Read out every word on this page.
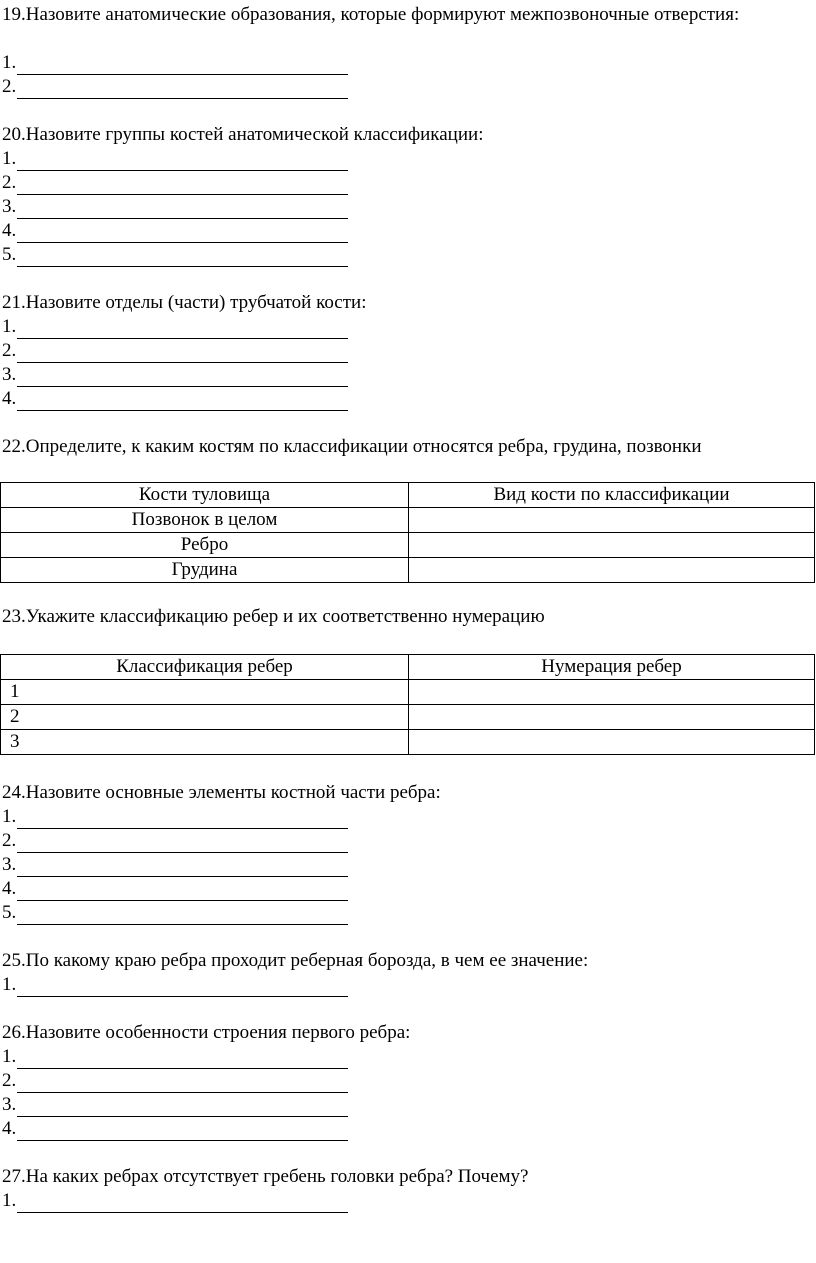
19.Назовите анатомические образования, которые формируют межпозвоночные отверстия:
1.
2.
20.Назовите группы костей анатомической классификации:
1.
2.
3.
4.
5.
21.Назовите отделы (части) трубчатой кости:
1.
2.
3.
4.
22.Определите, к каким костям по классификации относятся ребра, грудина, позвонки
Кости туловища	Вид кости по классификации
Позвонок в целом	
Ребро	
Грудина	
23.Укажите классификацию ребер и их соответственно нумерацию
Классификация ребер	Нумерация ребер
1	
2	
3	
24.Назовите основные элементы костной части ребра:
1.
2.
3.
4.
5.
25.По какому краю ребра проходит реберная борозда, в чем ее значение:
1.
26.Назовите особенности строения первого ребра:
1.
2.
3.
4.
27.На каких ребрах отсутствует гребень головки ребра? Почему?
1.
